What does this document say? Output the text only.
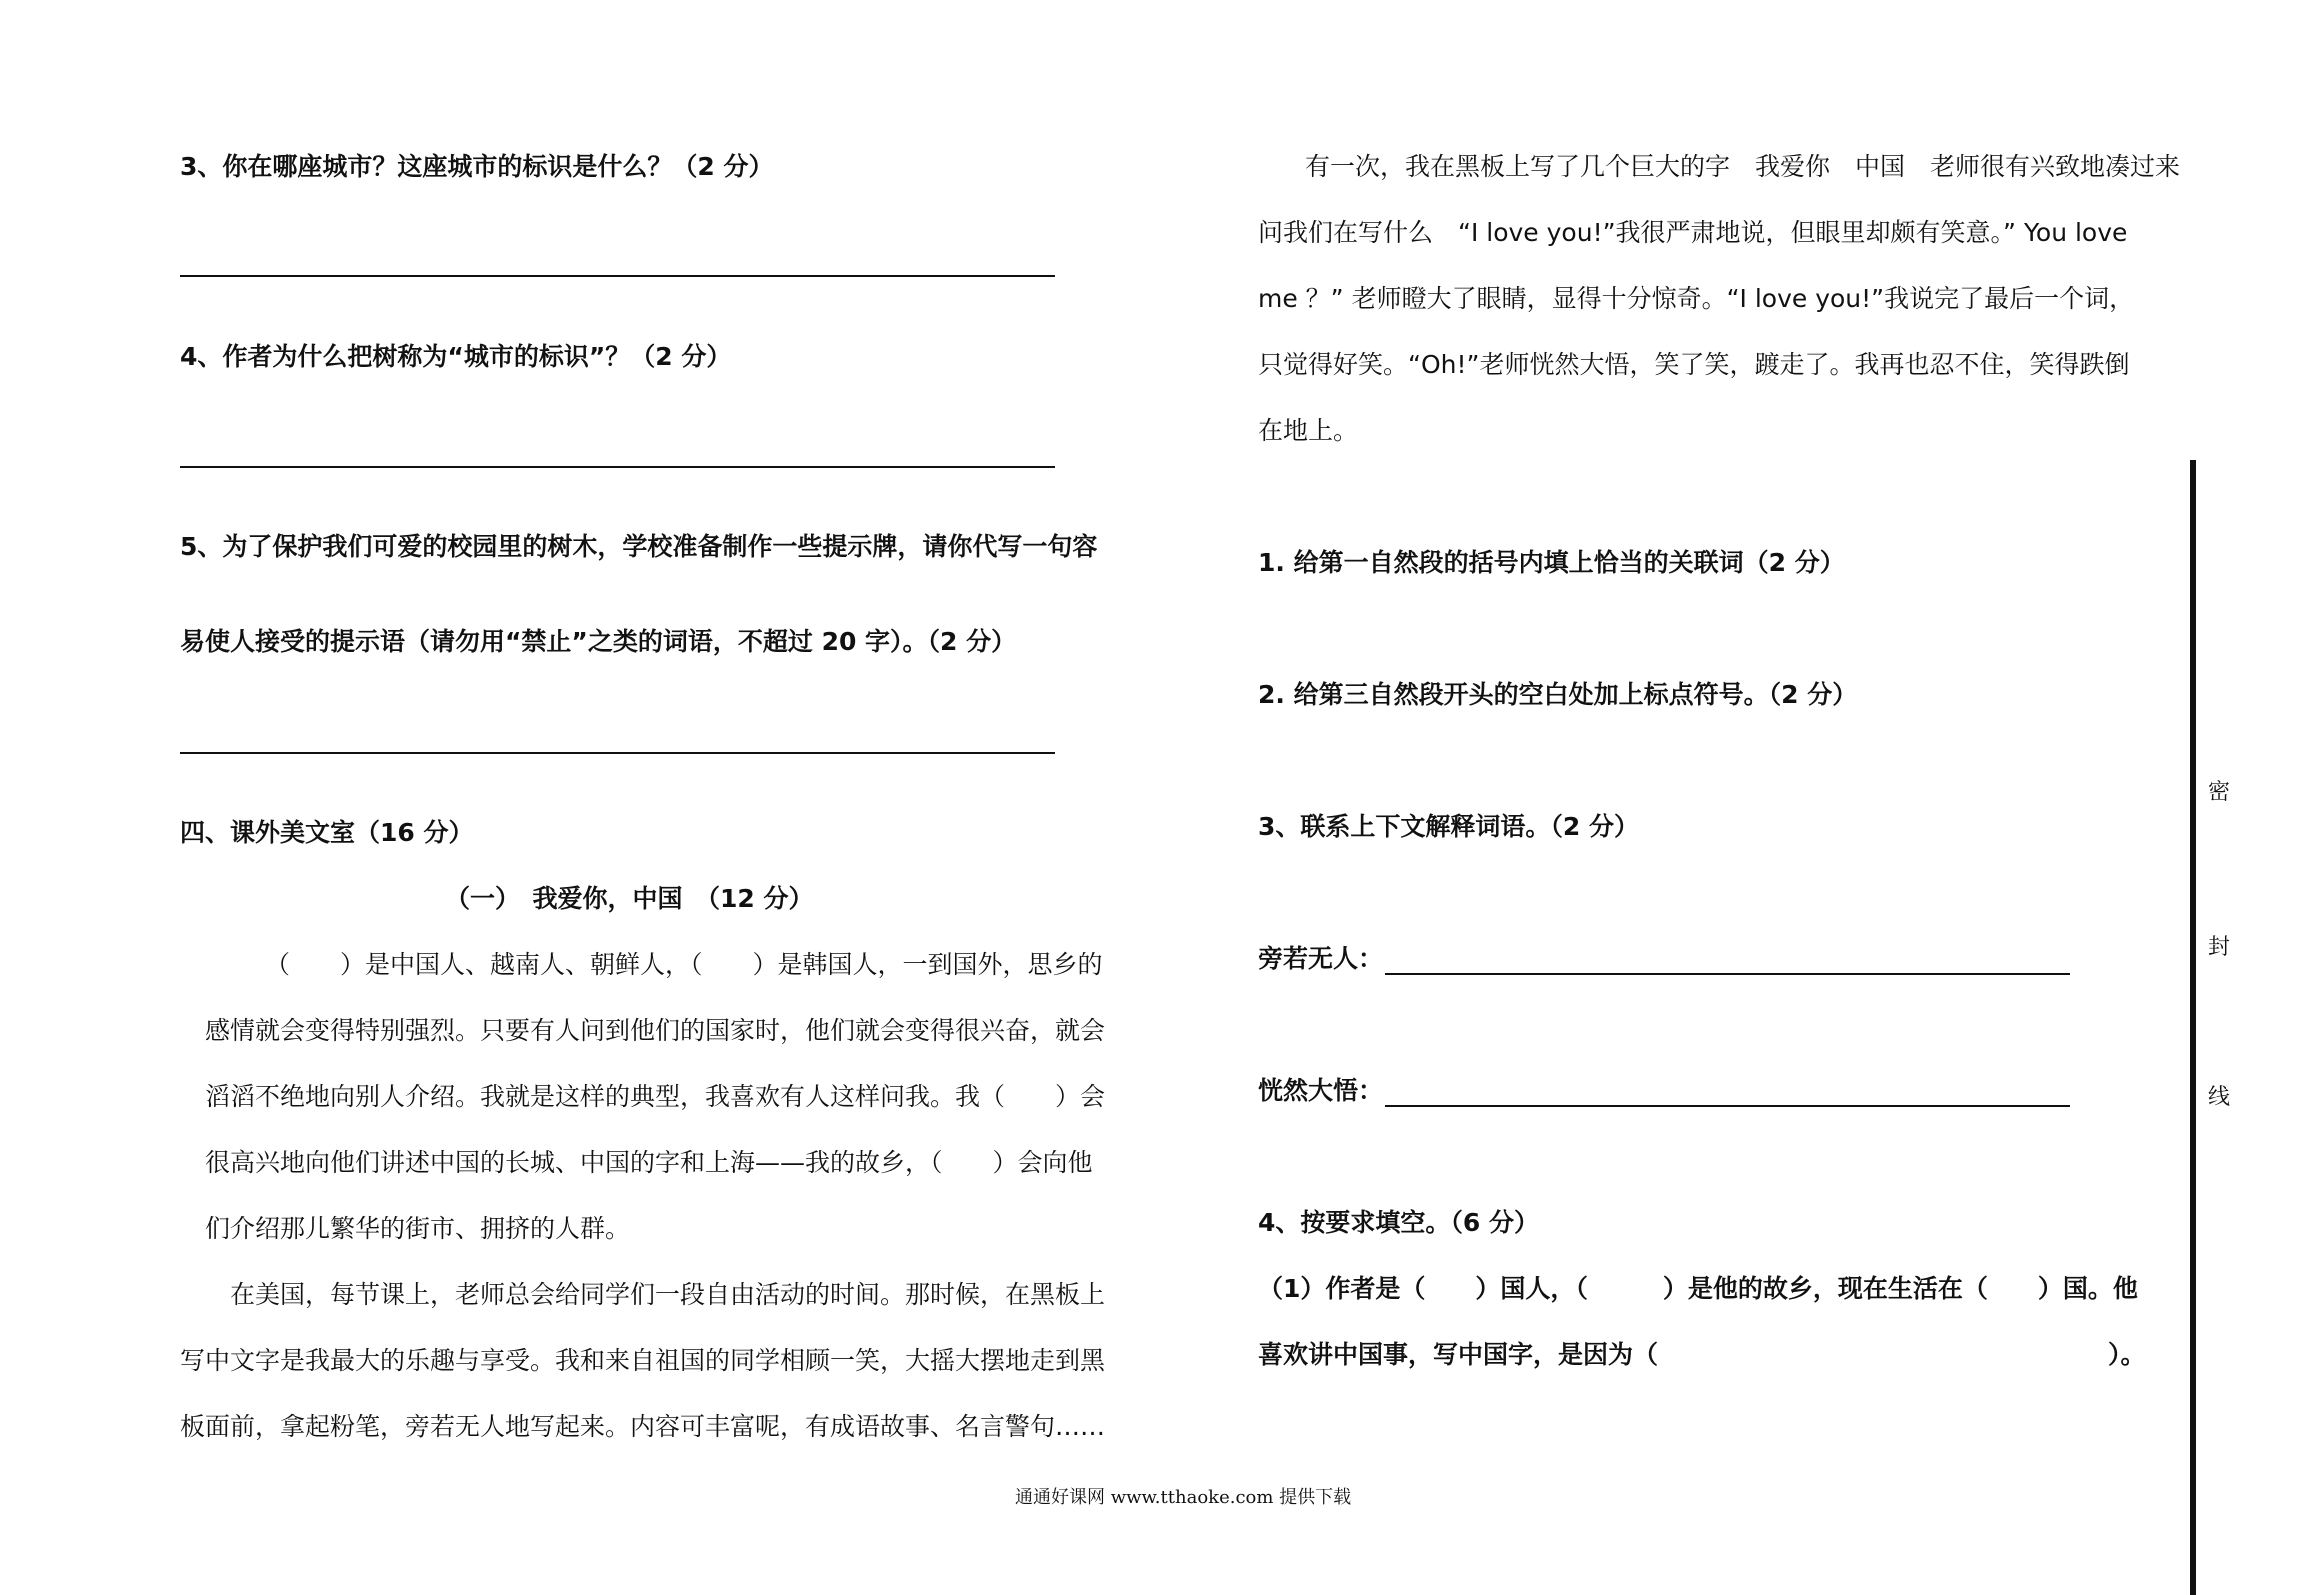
3、你在哪座城市？这座城市的标识是什么？（2 分）
4、作者为什么把树称为“城市的标识”？（2 分）
5、为了保护我们可爱的校园里的树木，学校准备制作一些提示牌，请你代写一句容
易使人接受的提示语（请勿用“禁止”之类的词语，不超过 20 字）。（2 分）
四、课外美文室（16 分）
（一）　我爱你，中国　（12 分）
（　　）是中国人、越南人、朝鲜人，（　　）是韩国人，一到国外，思乡的
感情就会变得特别强烈。只要有人问到他们的国家时，他们就会变得很兴奋，就会
滔滔不绝地向别人介绍。我就是这样的典型，我喜欢有人这样问我。我（　　）会
很高兴地向他们讲述中国的长城、中国的字和上海——我的故乡，（　　）会向他
们介绍那儿繁华的街市、拥挤的人群。
在美国，每节课上，老师总会给同学们一段自由活动的时间。那时候，在黑板上
写中文字是我最大的乐趣与享受。我和来自祖国的同学相顾一笑，大摇大摆地走到黑
板面前，拿起粉笔，旁若无人地写起来。内容可丰富呢，有成语故事、名言警句……
有一次，我在黑板上写了几个巨大的字　我爱你　中国　老师很有兴致地凑过来
问我们在写什么　“I love you!”我很严肃地说，但眼里却颇有笑意。” You love
me ？” 老师瞪大了眼睛，显得十分惊奇。“I love you!”我说完了最后一个词，
只觉得好笑。“Oh!”老师恍然大悟，笑了笑，踱走了。我再也忍不住，笑得跌倒
在地上。
1. 给第一自然段的括号内填上恰当的关联词（2 分）
2. 给第三自然段开头的空白处加上标点符号。（2 分）
3、联系上下文解释词语。（2 分）
旁若无人：
恍然大悟：
4、按要求填空。（6 分）
（1）作者是（　　）国人，（　　　）是他的故乡，现在生活在（　　）国。他
喜欢讲中国事，写中国字，是因为（　　　　　　　　　　　　　　　　　　）。
密
封
线
通通好课网 www.tthaoke.com 提供下载
